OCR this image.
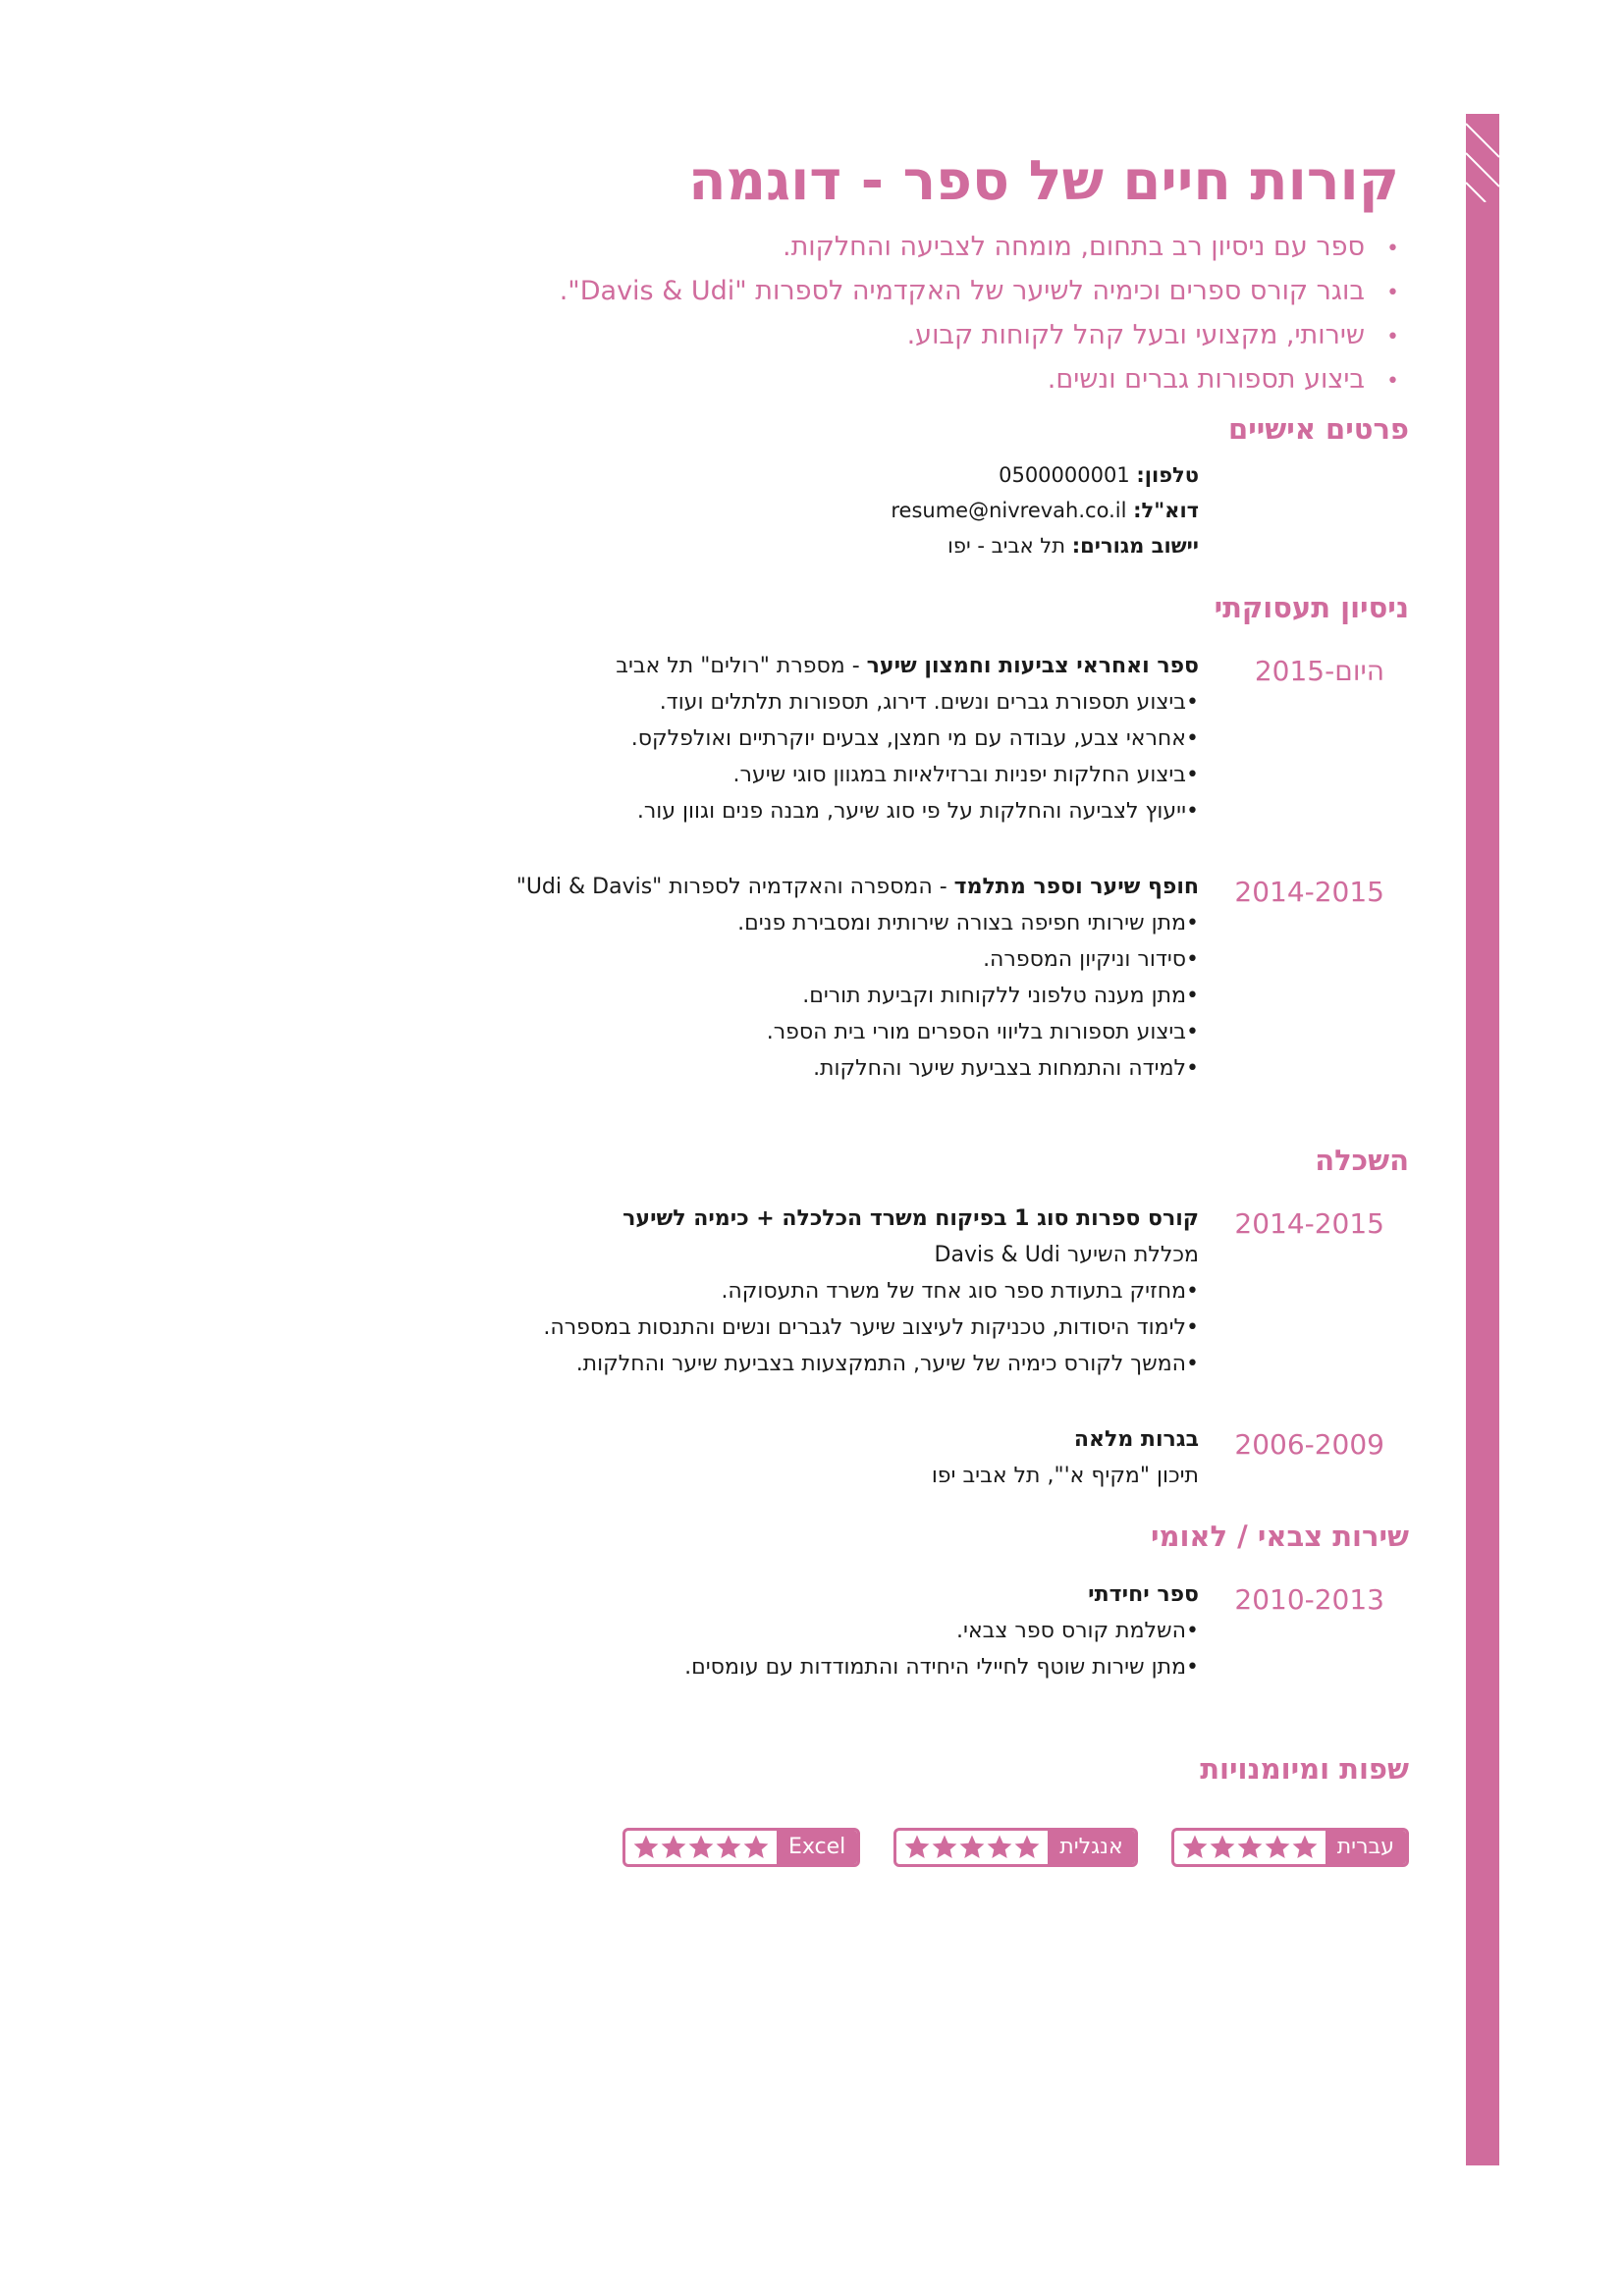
קורות חיים של ספר - דוגמה
• ספר עם ניסיון רב בתחום, מומחה לצביעה והחלקות.
• בוגר קורס ספרים וכימיה לשיער של האקדמיה לספרות "Davis & Udi".
• שירותי, מקצועי ובעל קהל לקוחות קבוע.
• ביצוע תספורות גברים ונשים.
פרטים אישיים
טלפון: 0500000001
דוא"ל: resume@nivrevah.co.il
יישוב מגורים: תל אביב - יפו
ניסיון תעסוקתי
2015-היום
ספר ואחראי צביעות וחמצון שיער - מספרת "רולים" תל אביב
•ביצוע תספורת גברים ונשים. דירוג, תספורות תלתלים ועוד.
•אחראי צבע, עבודה עם מי חמצן, צבעים יוקרתיים ואולפלקס.
•ביצוע החלקות יפניות וברזילאיות במגוון סוגי שיער.
•ייעוץ לצביעה והחלקות על פי סוג שיער, מבנה פנים וגוון עור.
2014-2015
חופף שיער וספר מתלמד - המספרה והאקדמיה לספרות "Udi & Davis"
•מתן שירותי חפיפה בצורה שירותית ומסבירת פנים.
•סידור וניקיון המספרה.
•מתן מענה טלפוני ללקוחות וקביעת תורים.
•ביצוע תספורות בליווי הספרים מורי בית הספר.
•למידה והתמחות בצביעת שיער והחלקות.
השכלה
2014-2015
קורס ספרות סוג 1 בפיקוח משרד הכלכלה + כימיה לשיער
מכללת השיער Davis & Udi
•מחזיק בתעודת ספר סוג אחד של משרד התעסוקה.
•לימוד היסודות, טכניקות לעיצוב שיער לגברים ונשים והתנסות במספרה.
•המשך לקורס כימיה של שיער, התמקצעות בצביעת שיער והחלקות.
2006-2009
בגרות מלאה
תיכון "מקיף א'", תל אביב יפו
שירות צבאי / לאומי
2010-2013
ספר יחידתי
•השלמת קורס ספר צבאי.
•מתן שירות שוטף לחיילי היחידה והתמודדות עם עומסים.
שפות ומיומנויות
עברית
אנגלית
Excel
